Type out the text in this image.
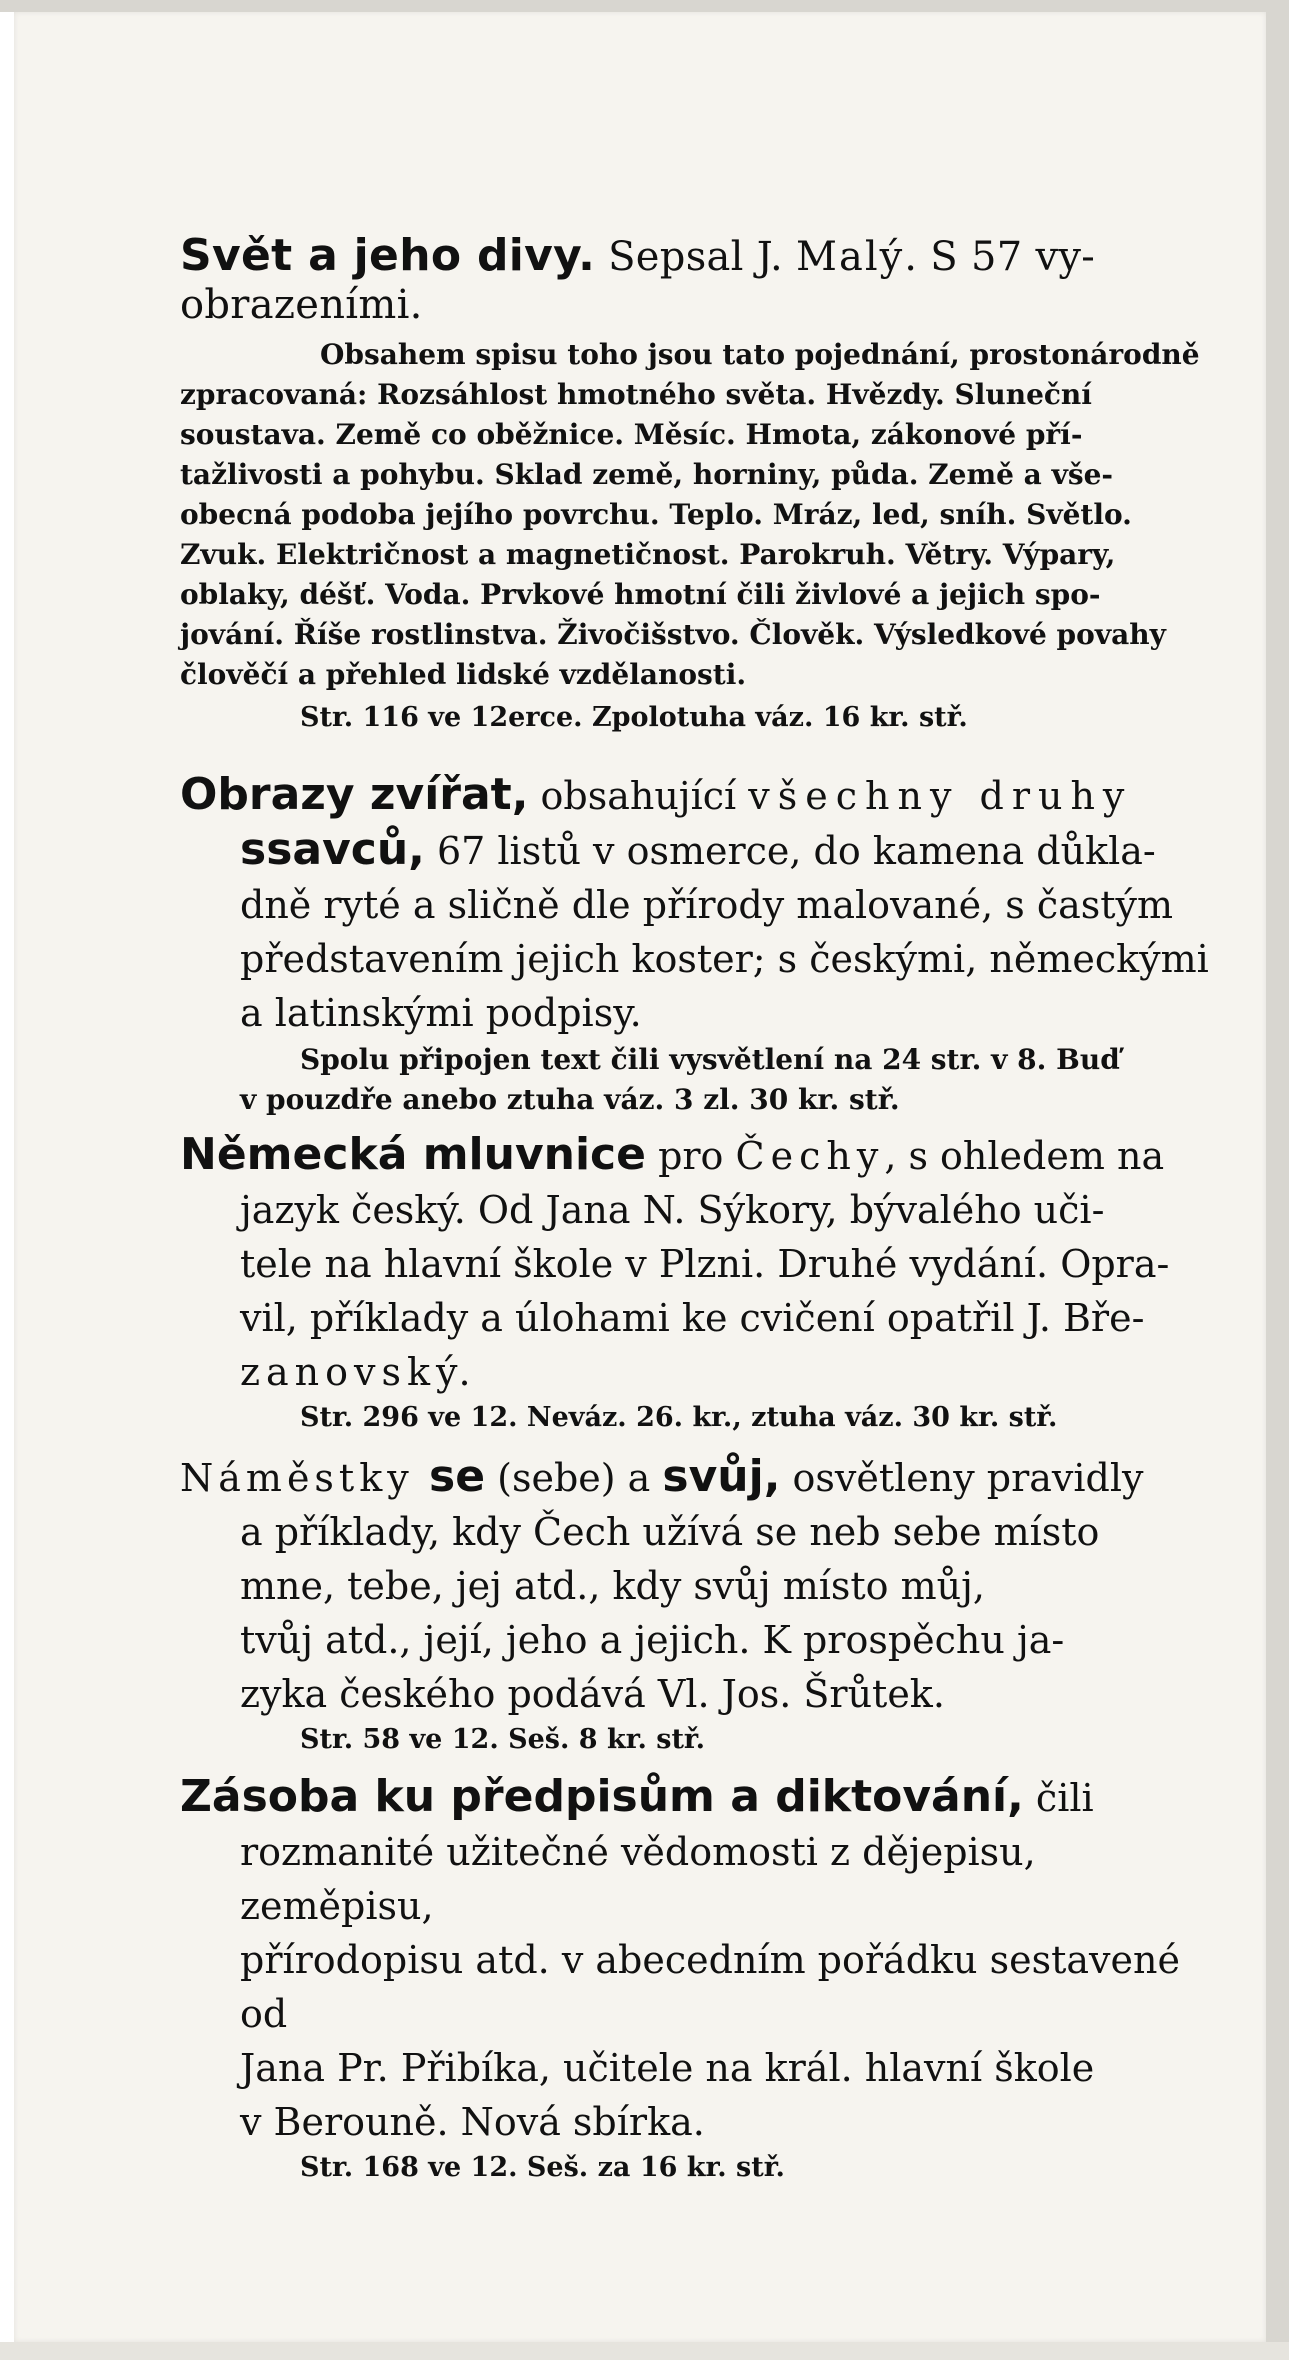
Svět a jeho divy. Sepsal J. Malý. S 57 vy-
obrazeními.
Obsahem spisu toho jsou tato pojednání, prostonárodně
zpracovaná: Rozsáhlost hmotného světa. Hvězdy. Sluneční
soustava. Země co oběžnice. Měsíc. Hmota, zákonové pří-
tažlivosti a pohybu. Sklad země, horniny, půda. Země a vše-
obecná podoba jejího povrchu. Teplo. Mráz, led, sníh. Světlo.
Zvuk. Električnost a magnetičnost. Parokruh. Větry. Výpary,
oblaky, déšť. Voda. Prvkové hmotní čili živlové a jejich spo-
jování. Říše rostlinstva. Živočišstvo. Člověk. Výsledkové povahy
člověčí a přehled lidské vzdělanosti.
Str. 116 ve 12erce. Zpolotuha váz. 16 kr. stř.
Obrazy zvířat, obsahující všechny druhy
ssavců, 67 listů v osmerce, do kamena důkla-
dně ryté a sličně dle přírody malované, s častým
představením jejich koster; s českými, německými
a latinskými podpisy.
Spolu připojen text čili vysvětlení na 24 str. v 8. Buď
v pouzdře anebo ztuha váz. 3 zl. 30 kr. stř.
Německá mluvnice pro Čechy, s ohledem na
jazyk český. Od Jana N. Sýkory, bývalého uči-
tele na hlavní škole v Plzni. Druhé vydání. Opra-
vil, příklady a úlohami ke cvičení opatřil J. Bře-
zanovský.
Str. 296 ve 12. Neváz. 26. kr., ztuha váz. 30 kr. stř.
Náměstky se (sebe) a svůj, osvětleny pravidly
a příklady, kdy Čech užívá se neb sebe místo
mne, tebe, jej atd., kdy svůj místo můj,
tvůj atd., její, jeho a jejich. K prospěchu ja-
zyka českého podává Vl. Jos. Šrůtek.
Str. 58 ve 12. Seš. 8 kr. stř.
Zásoba ku předpisům a diktování, čili
rozmanité užitečné vědomosti z dějepisu, zeměpisu,
přírodopisu atd. v abecedním pořádku sestavené od
Jana Pr. Přibíka, učitele na král. hlavní škole
v Berouně. Nová sbírka.
Str. 168 ve 12. Seš. za 16 kr. stř.
